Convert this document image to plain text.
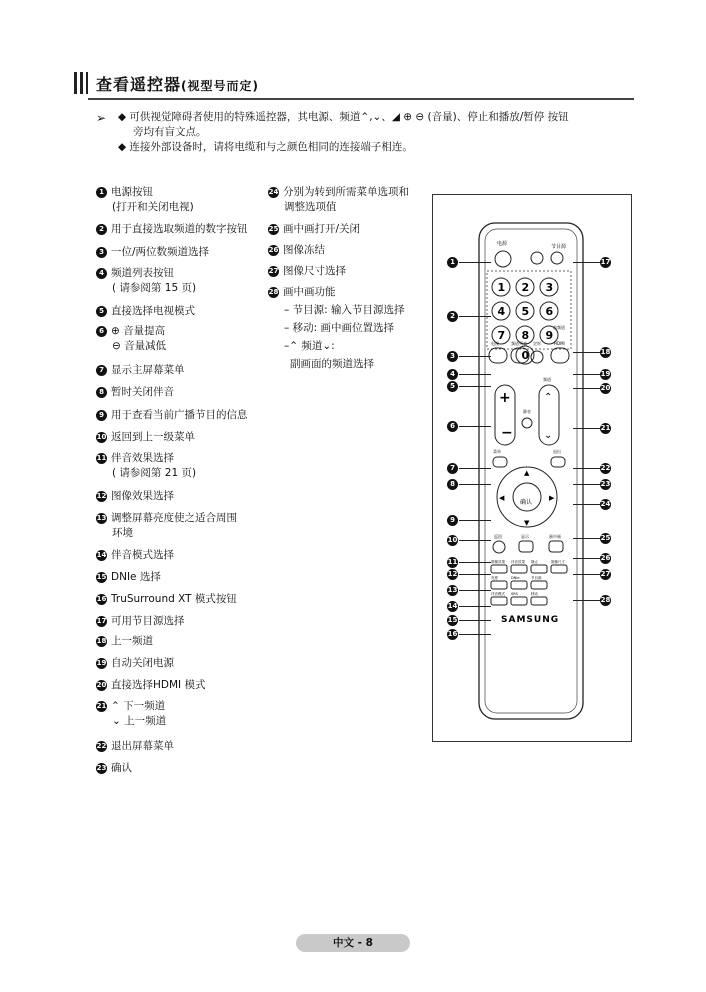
查看遥控器(视型号而定)
➢ ◆ 可供视觉障碍者使用的特殊遥控器，其电源、频道⌃,⌄、◢ ⊕ ⊖ (音量)、停止和播放/暂停 按钮
旁均有盲文点。
◆ 连接外部设备时，请将电缆和与之颜色相同的连接端子相连。
1 电源按钮
(打开和关闭电视)
2 用于直接选取频道的数字按钮
3 一位/两位数频道选择
4 频道列表按钮
( 请参阅第 15 页)
5 直接选择电视模式
6 ⊕ 音量提高
⊖ 音量减低
7 显示主屏幕菜单
8 暂时关闭伴音
9 用于查看当前广播节目的信息
10 返回到上一级菜单
11 伴音效果选择
( 请参阅第 21 页)
12 图像效果选择
13 调整屏幕亮度使之适合周围
环境
14 伴音模式选择
15 DNIe 选择
16 TruSurround XT 模式按钮
17 可用节目源选择
18 上一频道
19 自动关闭电源
20 直接选择HDMI 模式
21 ⌃ 下一频道
⌄ 上一频道
22 退出屏幕菜单
23 确认
24 分别为转到所需菜单选项和
调整选项值
25 画中画打开/关闭
26 图像冻结
27 图像尺寸选择
28 画中画功能
– 节目源: 输入节目源选择
– 移动: 画中画位置选择
–⌃ 频道⌄:
副画面的频道选择
电源	节目源
1 2 3
4 5 6
7 8 9
0
电视	频道列表 定时	HDMI
前频道
+
−
⌃
⌄
频道
静音
菜单	退出
确认
▲
▼
◀	▶
返回	显示	画中画
图像效果 伴音效果 静止	图像尺寸
亮度	DNIe	节目源
伴音模式 SRS	移动
SAMSUNG
1
2
3
4
5
6
7
8
9
10
11
12
13
14
15
16
17
18
19
20
21
22
23
24
25
26
27
28
中文 - 8
